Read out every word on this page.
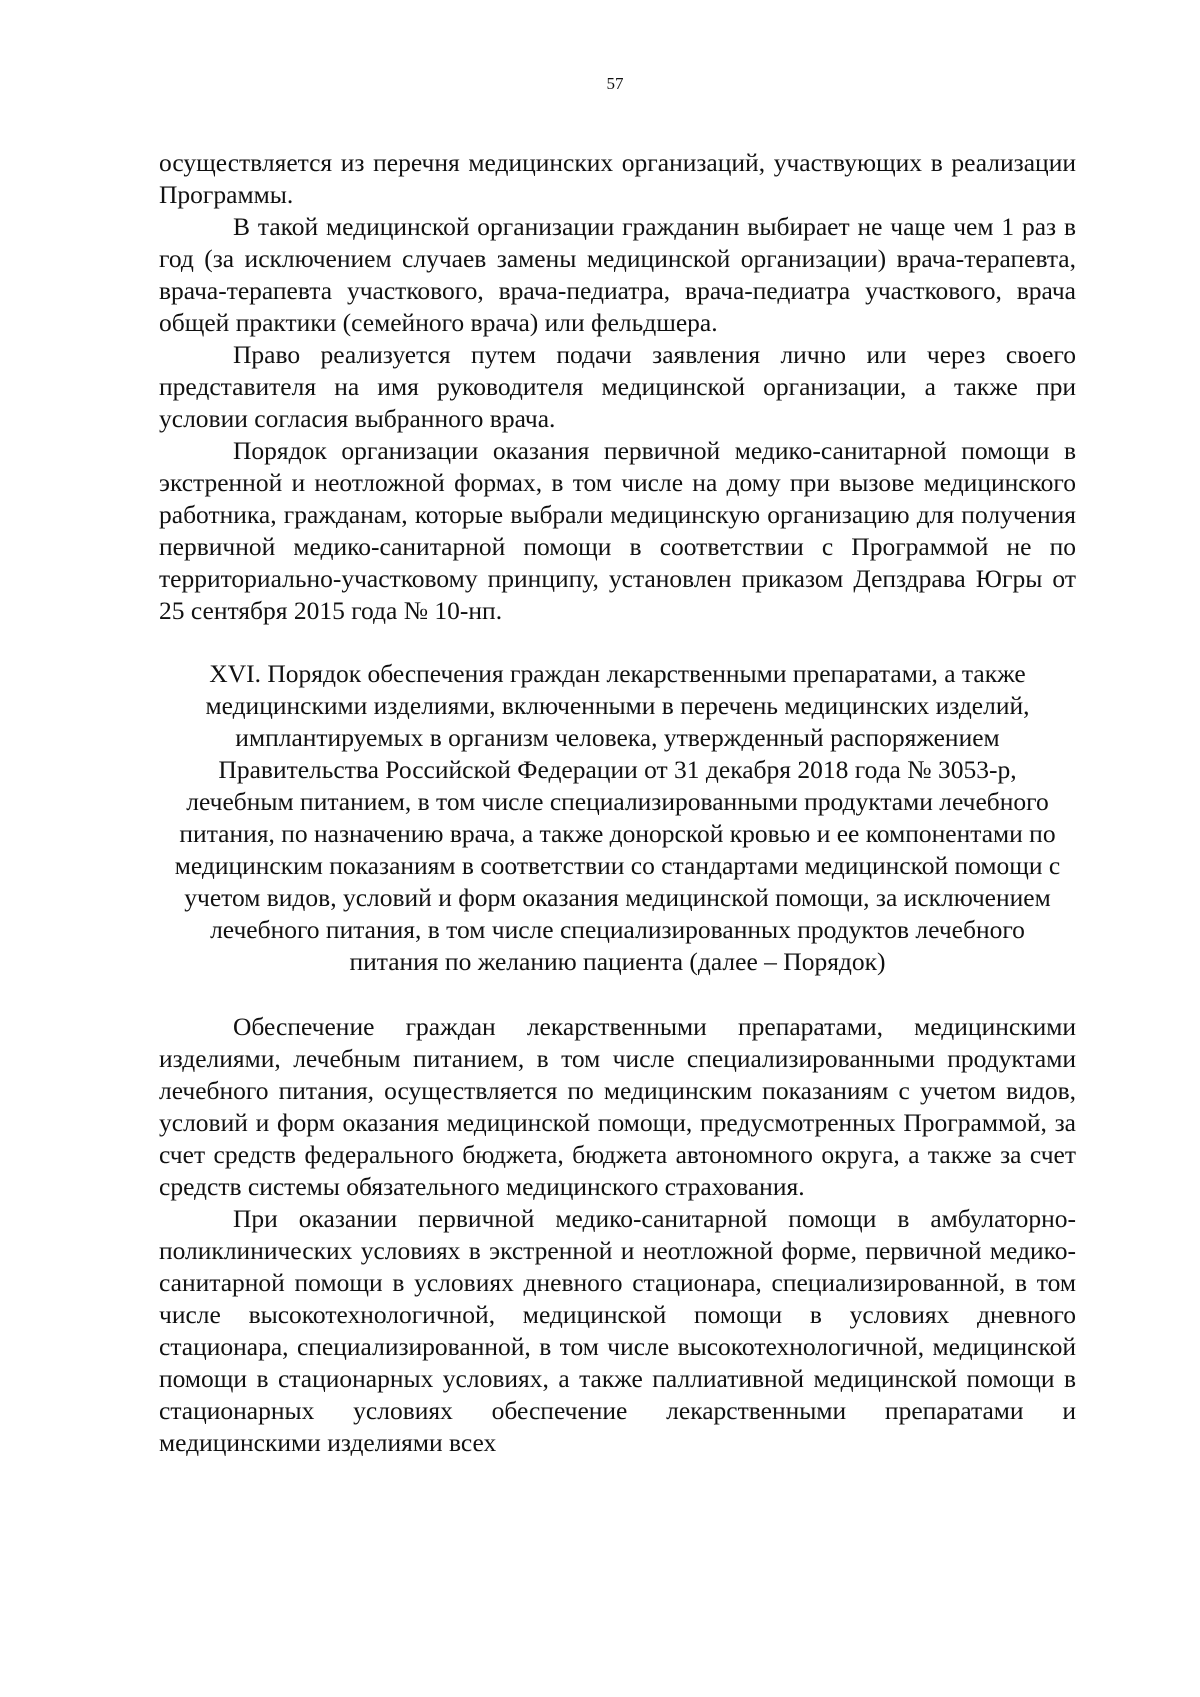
57

осуществляется из перечня медицинских организаций, участвующих в реализации Программы.

В такой медицинской организации гражданин выбирает не чаще чем 1 раз в год (за исключением случаев замены медицинской организации) врача-терапевта, врача-терапевта участкового, врача-педиатра, врача-педиатра участкового, врача общей практики (семейного врача) или фельдшера.

Право реализуется путем подачи заявления лично или через своего представителя на имя руководителя медицинской организации, а также при условии согласия выбранного врача.

Порядок организации оказания первичной медико-санитарной помощи в экстренной и неотложной формах, в том числе на дому при вызове медицинского работника, гражданам, которые выбрали медицинскую организацию для получения первичной медико-санитарной помощи в соответствии с Программой не по территориально-участковому принципу, установлен приказом Депздрава Югры от 25 сентября 2015 года № 10-нп.

XVI. Порядок обеспечения граждан лекарственными препаратами, а также медицинскими изделиями, включенными в перечень медицинских изделий, имплантируемых в организм человека, утвержденный распоряжением Правительства Российской Федерации от 31 декабря 2018 года № 3053-р, лечебным питанием, в том числе специализированными продуктами лечебного питания, по назначению врача, а также донорской кровью и ее компонентами по медицинским показаниям в соответствии со стандартами медицинской помощи с учетом видов, условий и форм оказания медицинской помощи, за исключением лечебного питания, в том числе специализированных продуктов лечебного питания по желанию пациента (далее – Порядок)

Обеспечение граждан лекарственными препаратами, медицинскими изделиями, лечебным питанием, в том числе специализированными продуктами лечебного питания, осуществляется по медицинским показаниям с учетом видов, условий и форм оказания медицинской помощи, предусмотренных Программой, за счет средств федерального бюджета, бюджета автономного округа, а также за счет средств системы обязательного медицинского страхования.

При оказании первичной медико-санитарной помощи в амбулаторно-поликлинических условиях в экстренной и неотложной форме, первичной медико-санитарной помощи в условиях дневного стационара, специализированной, в том числе высокотехнологичной, медицинской помощи в условиях дневного стационара, специализированной, в том числе высокотехнологичной, медицинской помощи в стационарных условиях, а также паллиативной медицинской помощи в стационарных условиях обеспечение лекарственными препаратами и медицинскими изделиями всех
